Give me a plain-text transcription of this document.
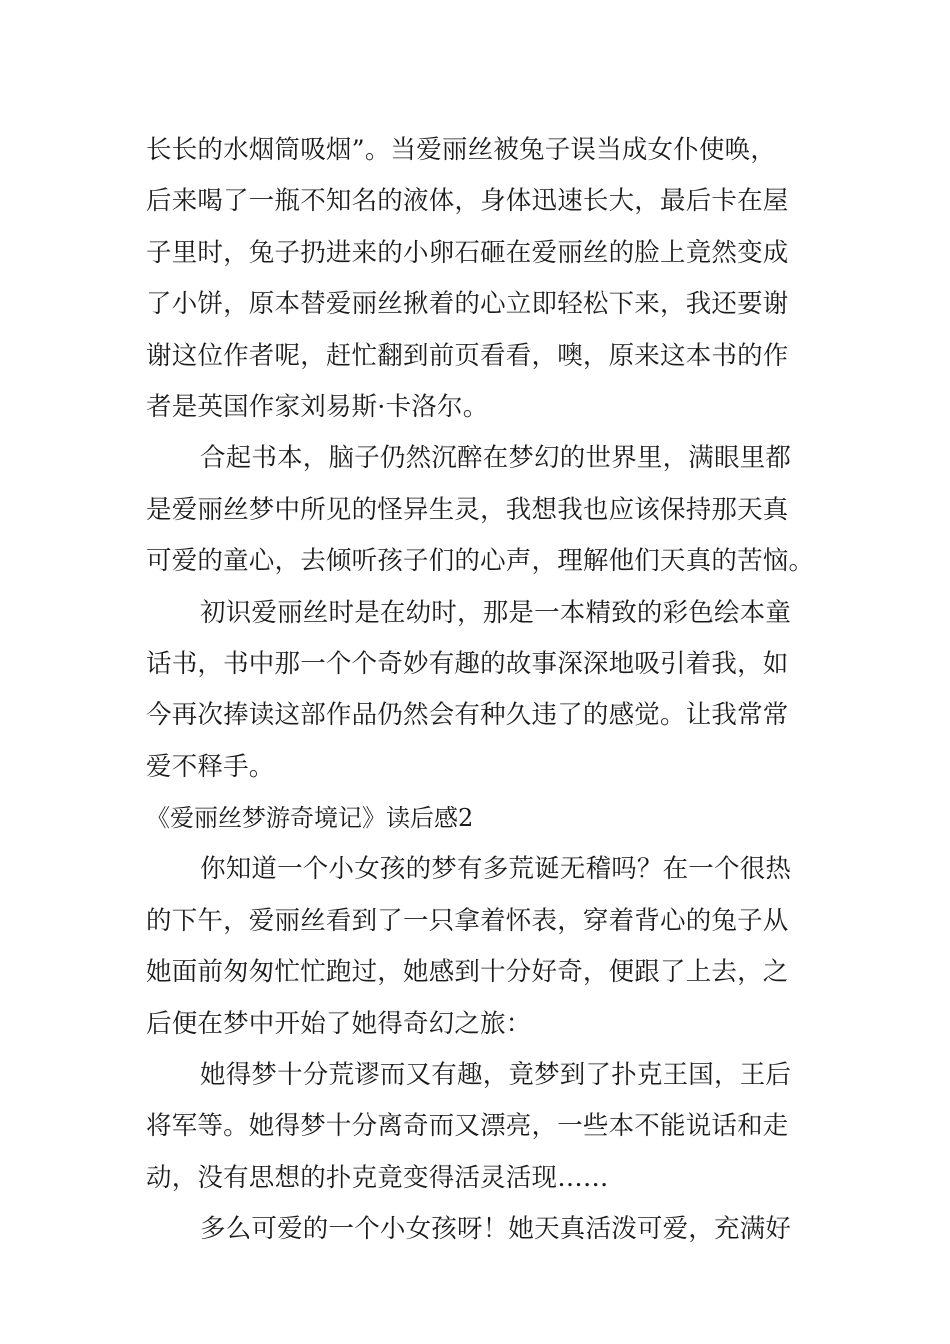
长长的水烟筒吸烟”。当爱丽丝被兔子误当成女仆使唤，
后来喝了一瓶不知名的液体，身体迅速长大，最后卡在屋
子里时，兔子扔进来的小卵石砸在爱丽丝的脸上竟然变成
了小饼，原本替爱丽丝揪着的心立即轻松下来，我还要谢
谢这位作者呢，赶忙翻到前页看看，噢，原来这本书的作
者是英国作家刘易斯·卡洛尔。
合起书本，脑子仍然沉醉在梦幻的世界里，满眼里都
是爱丽丝梦中所见的怪异生灵，我想我也应该保持那天真
可爱的童心，去倾听孩子们的心声，理解他们天真的苦恼。
初识爱丽丝时是在幼时，那是一本精致的彩色绘本童
话书，书中那一个个奇妙有趣的故事深深地吸引着我，如
今再次捧读这部作品仍然会有种久违了的感觉。让我常常
爱不释手。
《爱丽丝梦游奇境记》读后感2
你知道一个小女孩的梦有多荒诞无稽吗？在一个很热
的下午，爱丽丝看到了一只拿着怀表，穿着背心的兔子从
她面前匆匆忙忙跑过，她感到十分好奇，便跟了上去，之
后便在梦中开始了她得奇幻之旅：
她得梦十分荒谬而又有趣，竟梦到了扑克王国，王后
将军等。她得梦十分离奇而又漂亮，一些本不能说话和走
动，没有思想的扑克竟变得活灵活现……
多么可爱的一个小女孩呀！她天真活泼可爱，充满好
